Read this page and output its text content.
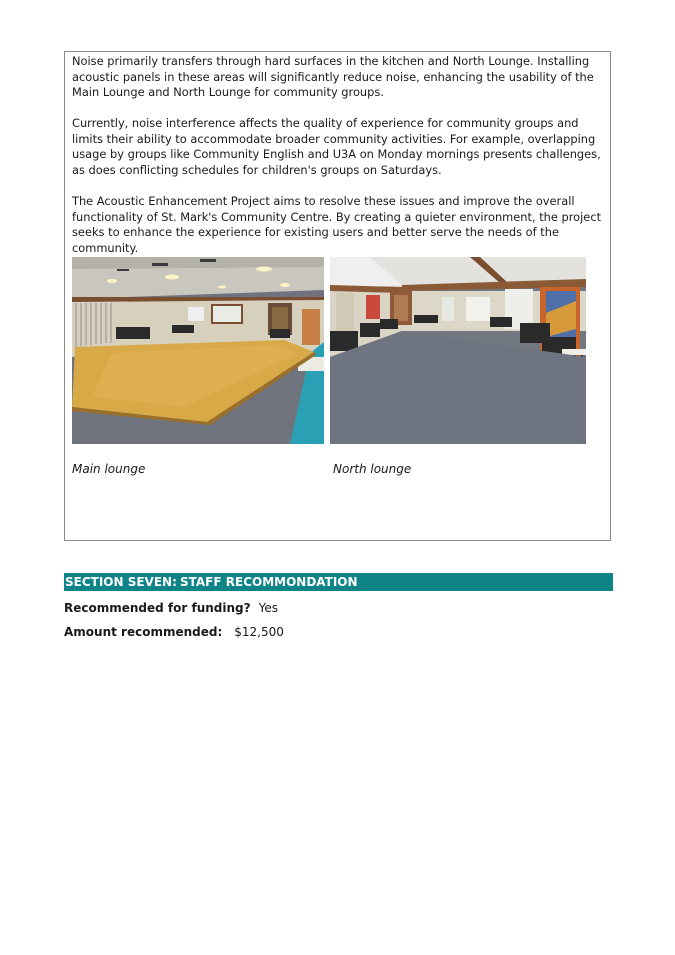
Noise primarily transfers through hard surfaces in the kitchen and North Lounge. Installing acoustic panels in these areas will significantly reduce noise, enhancing the usability of the Main Lounge and North Lounge for community groups.

Currently, noise interference affects the quality of experience for community groups and limits their ability to accommodate broader community activities. For example, overlapping usage by groups like Community English and U3A on Monday mornings presents challenges, as does conflicting schedules for children's groups on Saturdays.

The Acoustic Enhancement Project aims to resolve these issues and improve the overall functionality of St. Mark's Community Centre. By creating a quieter environment, the project seeks to enhance the experience for existing users and better serve the needs of the community.

Main lounge	North lounge
SECTION SEVEN: STAFF RECOMMONDATION
Recommended for funding? Yes
Amount recommended: $12,500
